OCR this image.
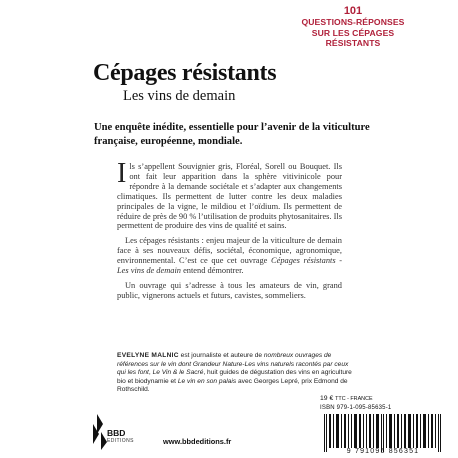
101
QUESTIONS-RÉPONSES
SUR LES CÉPAGES
RÉSISTANTS
Cépages résistants
Les vins de demain
Une enquête inédite, essentielle pour l’avenir de la viticulture française, européenne, mondiale.

Ils s’appellent Souvignier gris, Floréal, Sorell ou Bouquet. Ils ont fait leur apparition dans la sphère vitivinicole pour répondre à la demande sociétale et s’adapter aux changements climatiques. Ils permettent de lutter contre les deux maladies principales de la vigne, le mildiou et l’oïdium. Ils permettent de réduire de près de 90 % l’utilisation de produits phytosanitaires. Ils permettent de produire des vins de qualité et sains.

Les cépages résistants : enjeu majeur de la viticulture de demain face à ses nouveaux défis, sociétal, économique, agronomique, environnemental. C’est ce que cet ouvrage Cépages résistants - Les vins de demain entend démontrer.

Un ouvrage qui s’adresse à tous les amateurs de vin, grand public, vignerons actuels et futurs, cavistes, sommeliers.

EVELYNE MALNIC est journaliste et auteure de nombreux ouvrages de références sur le vin dont Grandeur Nature-Les vins naturels racontés par ceux qui les font, Le Vin & le Sacré, huit guides de dégustation des vins en agriculture bio et biodynamie et Le vin en son palais avec Georges Lepré, prix Edmond de Rothschild.
19 € TTC - FRANCE
ISBN 979-1-095-85635-1
9 791095 856351
BBD
EDITIONS	www.bbdeditions.fr
